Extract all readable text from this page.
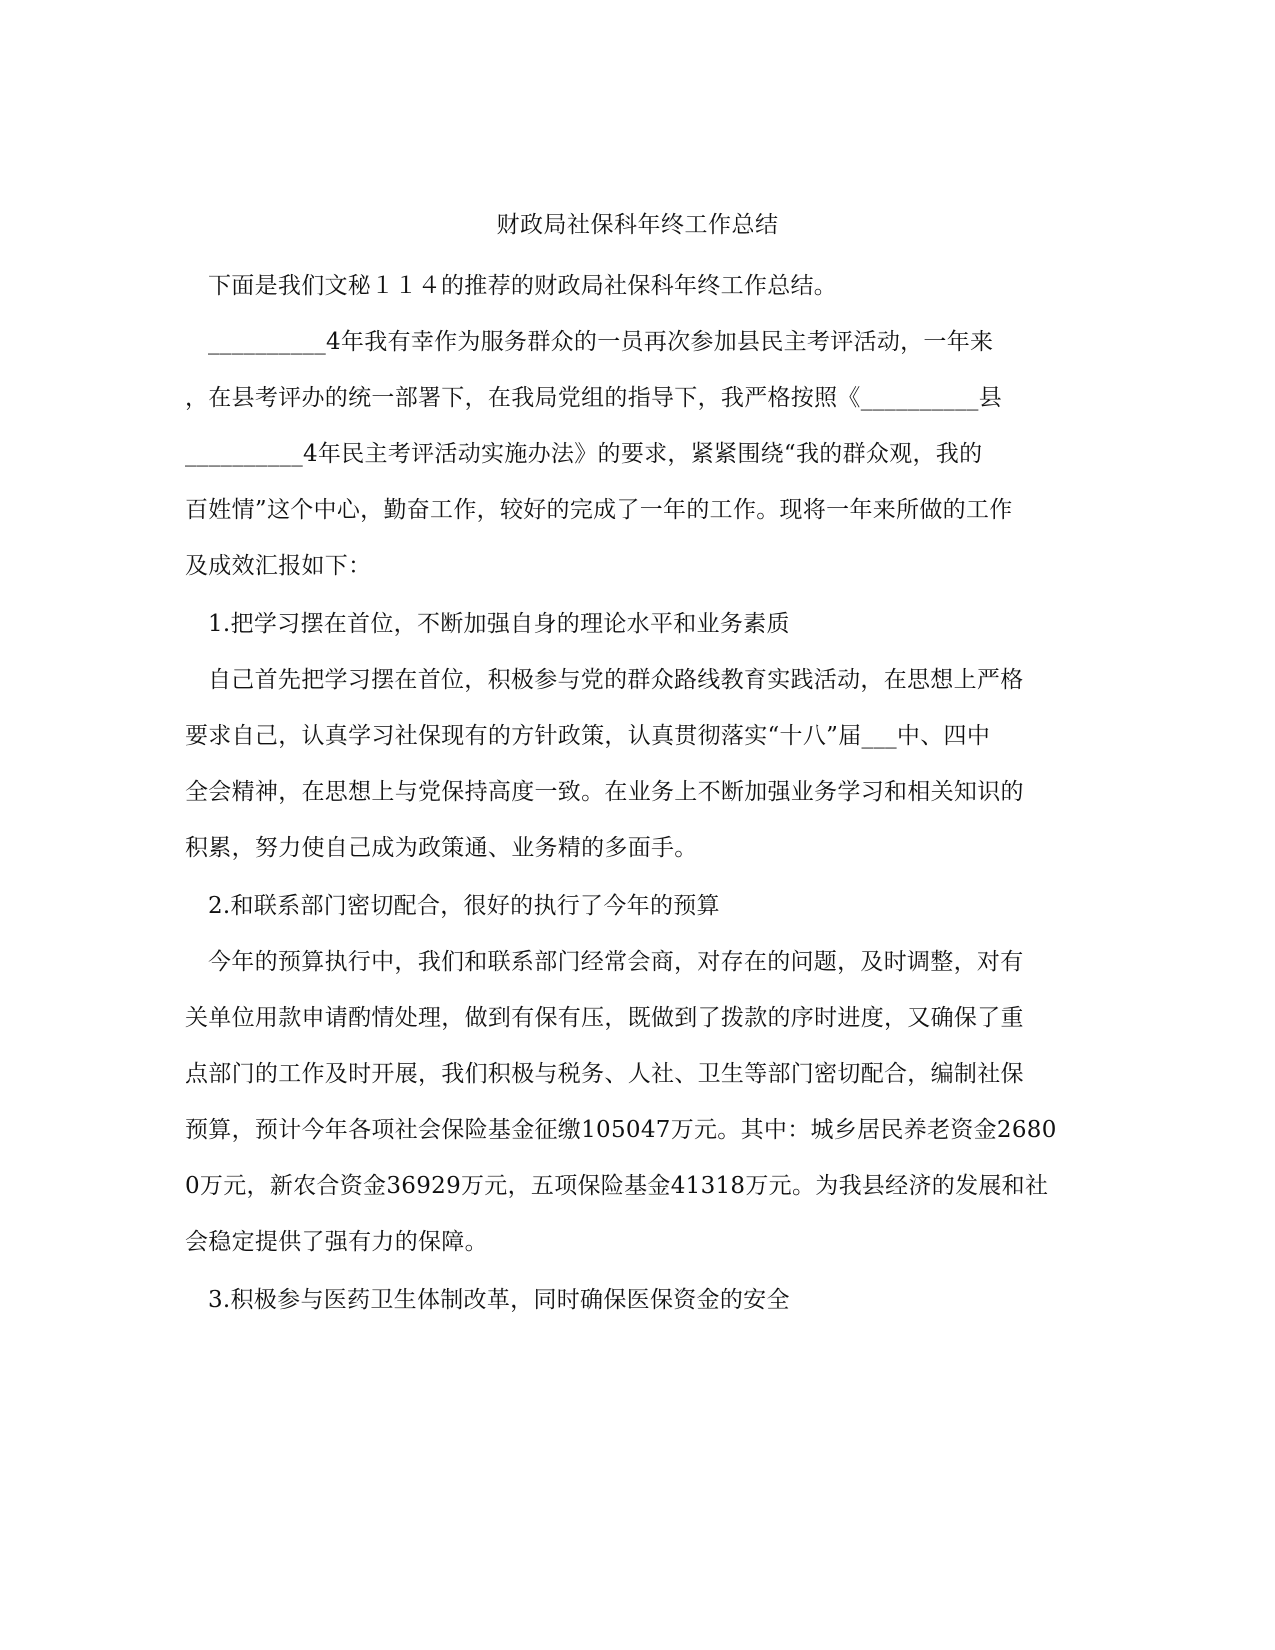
财政局社保科年终工作总结
下面是我们文秘１１４的推荐的财政局社保科年终工作总结。
__________4年我有幸作为服务群众的一员再次参加县民主考评活动，一年来
，在县考评办的统一部署下，在我局党组的指导下，我严格按照《__________县
__________4年民主考评活动实施办法》的要求，紧紧围绕“我的群众观，我的
百姓情”这个中心，勤奋工作，较好的完成了一年的工作。现将一年来所做的工作
及成效汇报如下：
1.把学习摆在首位，不断加强自身的理论水平和业务素质
自己首先把学习摆在首位，积极参与党的群众路线教育实践活动，在思想上严格
要求自己，认真学习社保现有的方针政策，认真贯彻落实“十八”届___中、四中
全会精神，在思想上与党保持高度一致。在业务上不断加强业务学习和相关知识的
积累，努力使自己成为政策通、业务精的多面手。
2.和联系部门密切配合，很好的执行了今年的预算
今年的预算执行中，我们和联系部门经常会商，对存在的问题，及时调整，对有
关单位用款申请酌情处理，做到有保有压，既做到了拨款的序时进度，又确保了重
点部门的工作及时开展，我们积极与税务、人社、卫生等部门密切配合，编制社保
预算，预计今年各项社会保险基金征缴105047万元。其中：城乡居民养老资金2680
0万元，新农合资金36929万元，五项保险基金41318万元。为我县经济的发展和社
会稳定提供了强有力的保障。
3.积极参与医药卫生体制改革，同时确保医保资金的安全
